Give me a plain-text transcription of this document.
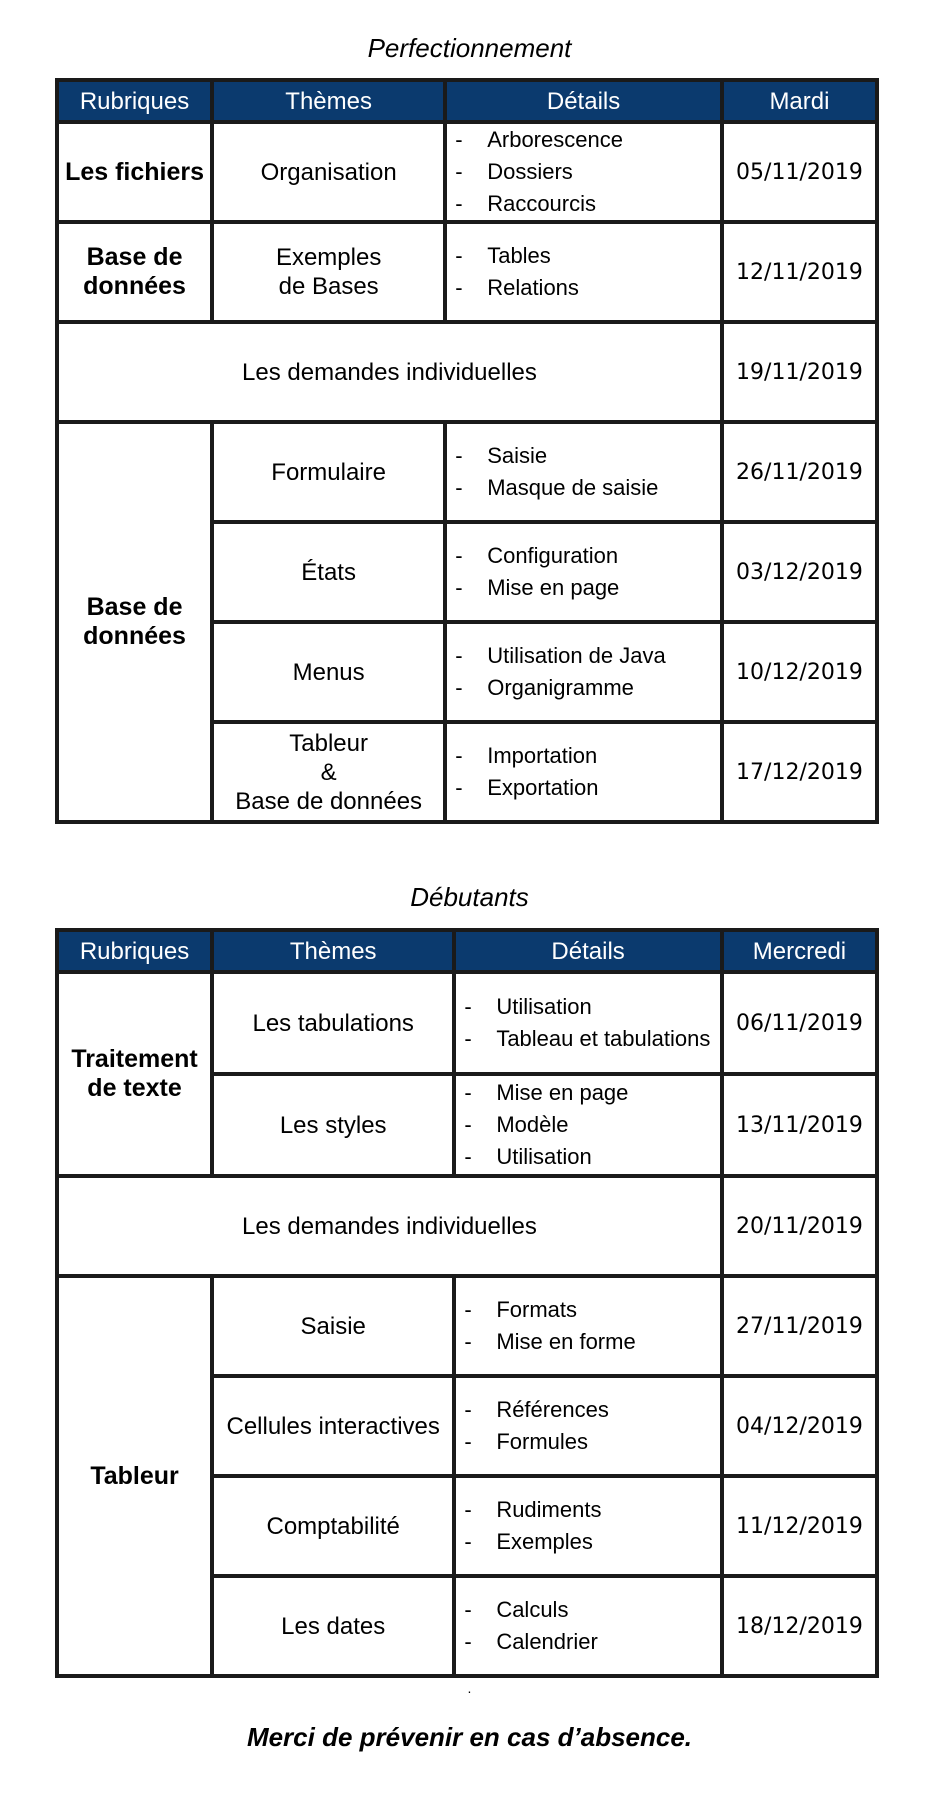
Perfectionnement
Rubriques	Thèmes	Détails	Mardi
Les fichiers	Organisation	- Arborescence
- Dossiers
- Raccourcis	05/11/2019
Base de
données	Exemples
de Bases	- Tables
- Relations	12/11/2019
Les demandes individuelles			19/11/2019
Base de
données	Formulaire	- Saisie
- Masque de saisie	26/11/2019
	États	- Configuration
- Mise en page	03/12/2019
	Menus	- Utilisation de Java
- Organigramme	10/12/2019
	Tableur
&
Base de données	- Importation
- Exportation	17/12/2019
Débutants
Rubriques	Thèmes	Détails	Mercredi
Traitement
de texte	Les tabulations	- Utilisation
- Tableau et tabulations	06/11/2019
	Les styles	- Mise en page
- Modèle
- Utilisation	13/11/2019
Les demandes individuelles			20/11/2019
Tableur	Saisie	- Formats
- Mise en forme	27/11/2019
	Cellules interactives	- Références
- Formules	04/12/2019
	Comptabilité	- Rudiments
- Exemples	11/12/2019
	Les dates	- Calculs
- Calendrier	18/12/2019
.
Merci de prévenir en cas d’absence.
